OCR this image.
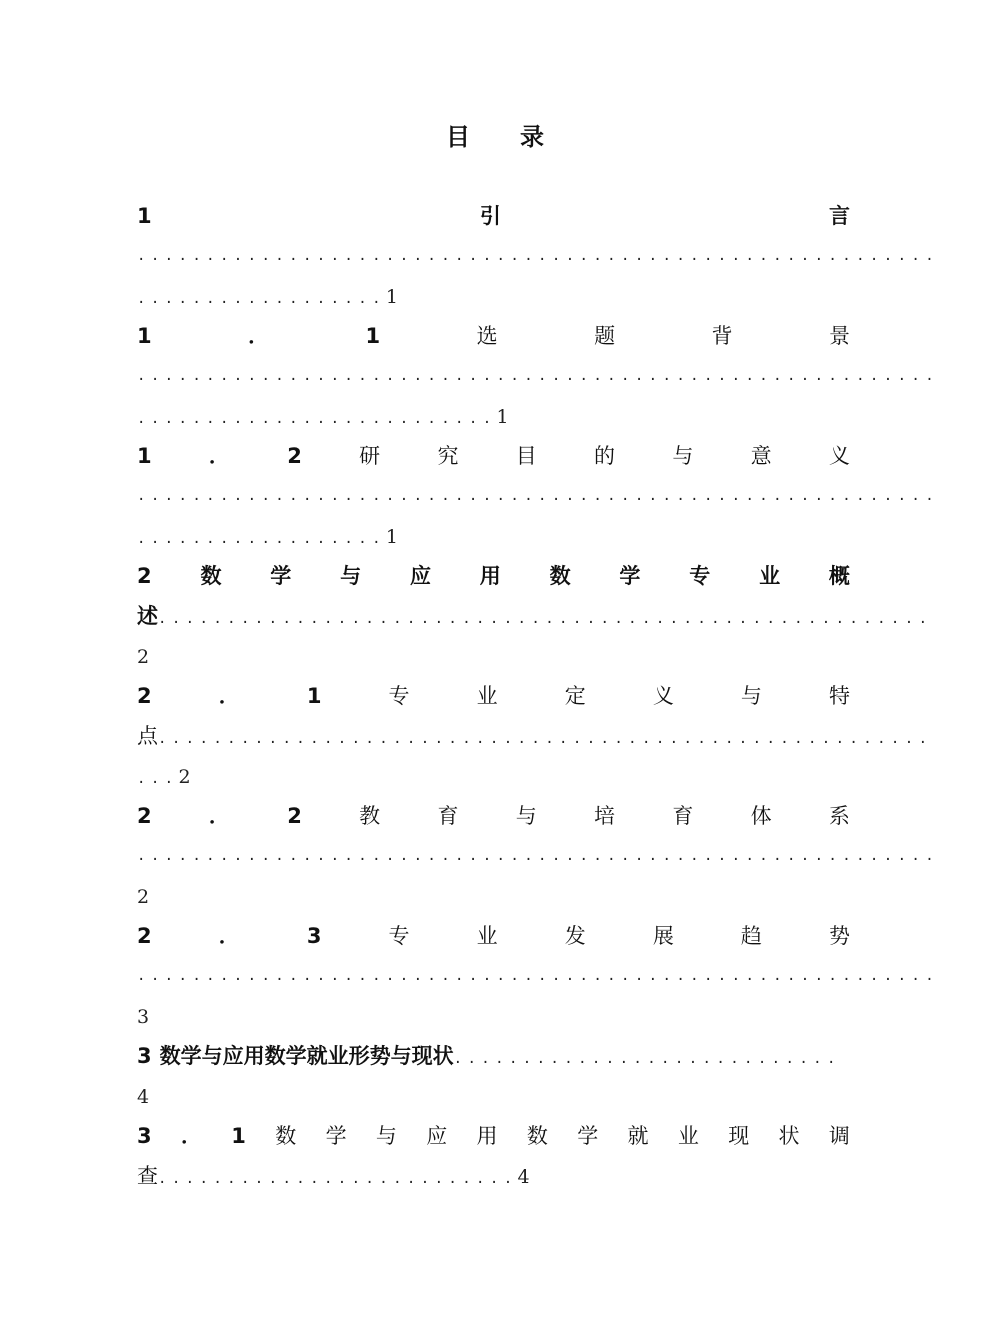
目 录
1	引	言
..........................................................
..................1
1	．	1	选	题	背	景
..........................................................
..........................1
1	．	2	研	究	目	的	与	意	义
..........................................................
..................1
2 数 学 与 应 用 数 学 专 业 概
述 ........................................................
2
2	．	1	专	业	定	义	与	特
点 ........................................................
...2
2	．	2	教	育	与	培	育	体	系
..........................................................
2
2	．	3	专	业	发	展	趋	势
..........................................................
3
3 数学与应用数学就业形势与现状 ............................
4
3 ． 1 数 学 与 应 用 数 学 就 业 现 状 调
查 .......................... 4
